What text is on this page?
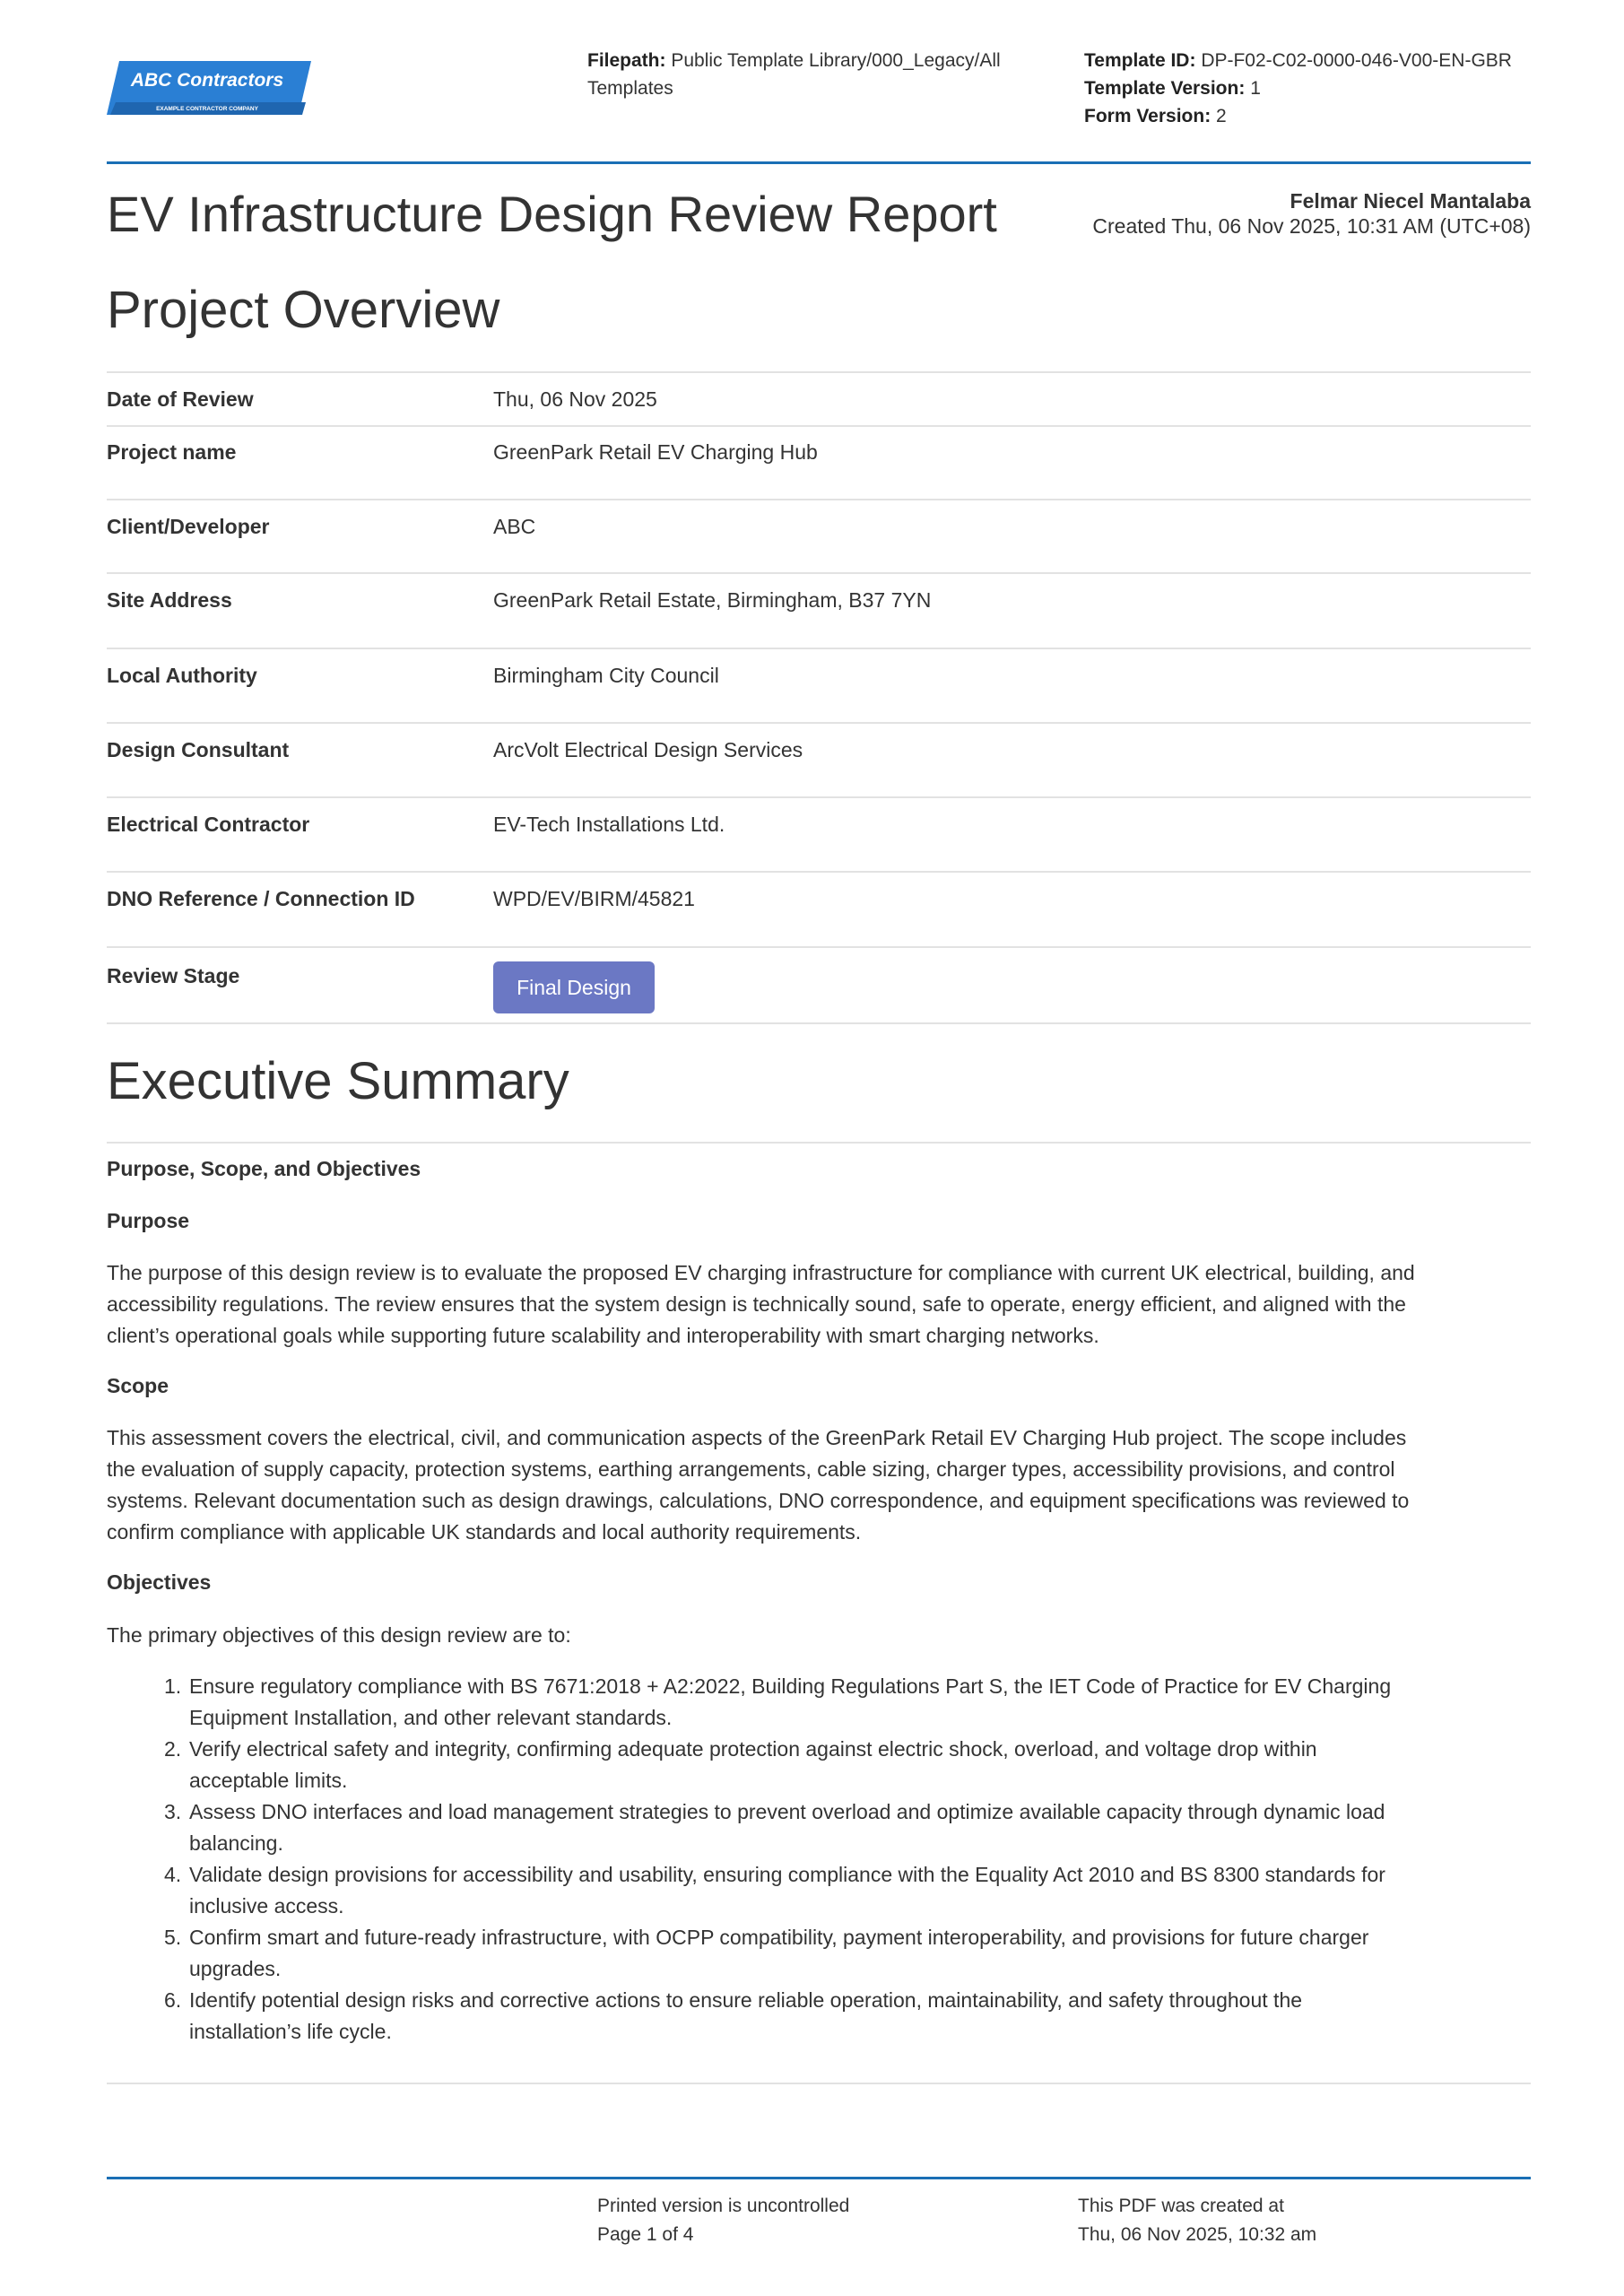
ABC Contractors
EXAMPLE CONTRACTOR COMPANY
Filepath: Public Template Library/000_Legacy/All
Templates
Template ID: DP-F02-C02-0000-046-V00-EN-GBR
Template Version: 1
Form Version: 2
EV Infrastructure Design Review Report	Felmar Niecel Mantalaba
Created Thu, 06 Nov 2025, 10:31 AM (UTC+08)
Project Overview
Date of Review	Thu, 06 Nov 2025
Project name	GreenPark Retail EV Charging Hub
Client/Developer	ABC
Site Address	GreenPark Retail Estate, Birmingham, B37 7YN
Local Authority	Birmingham City Council
Design Consultant	ArcVolt Electrical Design Services
Electrical Contractor	EV-Tech Installations Ltd.
DNO Reference / Connection ID	WPD/EV/BIRM/45821
Review Stage	Final Design
Executive Summary
Purpose, Scope, and Objectives
Purpose
The purpose of this design review is to evaluate the proposed EV charging infrastructure for compliance with current UK electrical, building, and
accessibility regulations. The review ensures that the system design is technically sound, safe to operate, energy efficient, and aligned with the
client’s operational goals while supporting future scalability and interoperability with smart charging networks.
Scope
This assessment covers the electrical, civil, and communication aspects of the GreenPark Retail EV Charging Hub project. The scope includes
the evaluation of supply capacity, protection systems, earthing arrangements, cable sizing, charger types, accessibility provisions, and control
systems. Relevant documentation such as design drawings, calculations, DNO correspondence, and equipment specifications was reviewed to
confirm compliance with applicable UK standards and local authority requirements.
Objectives
The primary objectives of this design review are to:
1. Ensure regulatory compliance with BS 7671:2018 + A2:2022, Building Regulations Part S, the IET Code of Practice for EV Charging
Equipment Installation, and other relevant standards.
2. Verify electrical safety and integrity, confirming adequate protection against electric shock, overload, and voltage drop within
acceptable limits.
3. Assess DNO interfaces and load management strategies to prevent overload and optimize available capacity through dynamic load
balancing.
4. Validate design provisions for accessibility and usability, ensuring compliance with the Equality Act 2010 and BS 8300 standards for
inclusive access.
5. Confirm smart and future-ready infrastructure, with OCPP compatibility, payment interoperability, and provisions for future charger
upgrades.
6. Identify potential design risks and corrective actions to ensure reliable operation, maintainability, and safety throughout the
installation’s life cycle.
Printed version is uncontrolled
Page 1 of 4
This PDF was created at
Thu, 06 Nov 2025, 10:32 am
